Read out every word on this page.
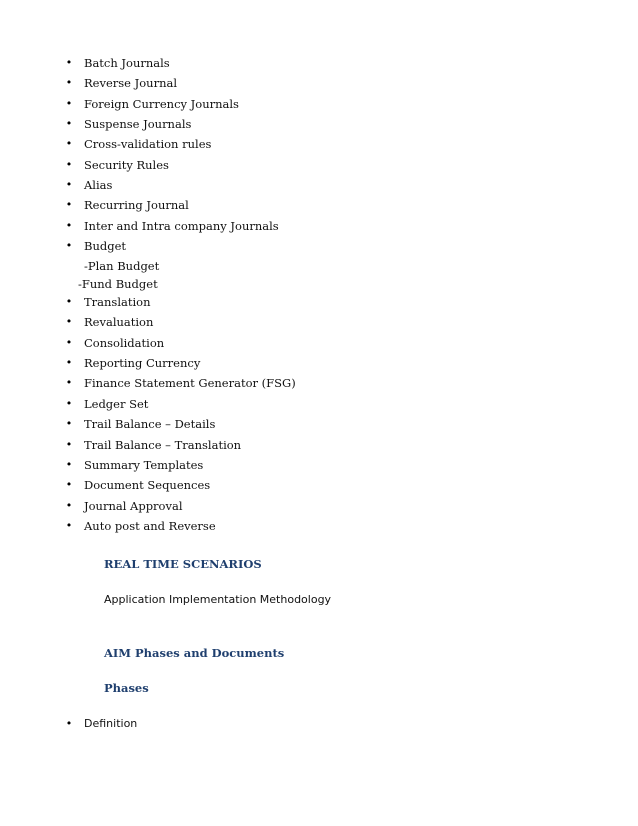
• Batch Journals
• Reverse Journal
• Foreign Currency Journals
• Suspense Journals
• Cross-validation rules
• Security Rules
• Alias
• Recurring Journal
• Inter and Intra company Journals
• Budget
-Plan Budget
-Fund Budget
• Translation
• Revaluation
• Consolidation
• Reporting Currency
• Finance Statement Generator (FSG)
• Ledger Set
• Trail Balance – Details
• Trail Balance – Translation
• Summary Templates
• Document Sequences
• Journal Approval
• Auto post and Reverse
REAL TIME SCENARIOS
Application Implementation Methodology
AIM Phases and Documents
Phases
• Definition
